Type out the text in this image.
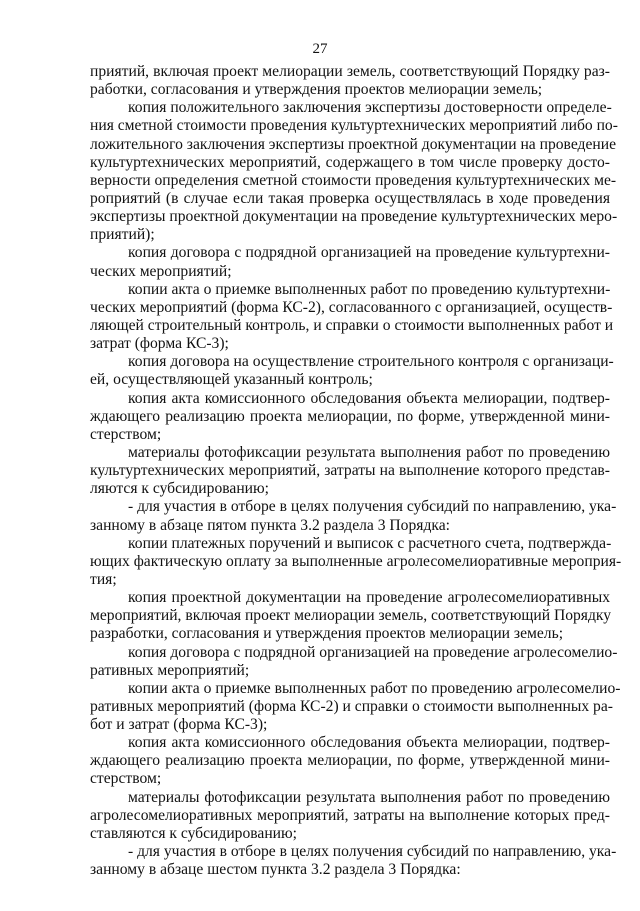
27
приятий, включая проект мелиорации земель, соответствующий Порядку раз-
работки, согласования и утверждения проектов мелиорации земель;
копия положительного заключения экспертизы достоверности определе-
ния сметной стоимости проведения культуртехнических мероприятий либо по-
ложительного заключения экспертизы проектной документации на проведение
культуртехнических мероприятий, содержащего в том числе проверку досто-
верности определения сметной стоимости проведения культуртехнических ме-
роприятий (в случае если такая проверка осуществлялась в ходе проведения
экспертизы проектной документации на проведение культуртехнических меро-
приятий);
копия договора с подрядной организацией на проведение культуртехни-
ческих мероприятий;
копии акта о приемке выполненных работ по проведению культуртехни-
ческих мероприятий (форма КС-2), согласованного с организацией, осуществ-
ляющей строительный контроль, и справки о стоимости выполненных работ и
затрат (форма КС-3);
копия договора на осуществление строительного контроля с организаци-
ей, осуществляющей указанный контроль;
копия акта комиссионного обследования объекта мелиорации, подтвер-
ждающего реализацию проекта мелиорации, по форме, утвержденной мини-
стерством;
материалы фотофиксации результата выполнения работ по проведению
культуртехнических мероприятий, затраты на выполнение которого представ-
ляются к субсидированию;
- для участия в отборе в целях получения субсидий по направлению, ука-
занному в абзаце пятом пункта 3.2 раздела 3 Порядка:
копии платежных поручений и выписок с расчетного счета, подтвержда-
ющих фактическую оплату за выполненные агролесомелиоративные мероприя-
тия;
копия проектной документации на проведение агролесомелиоративных
мероприятий, включая проект мелиорации земель, соответствующий Порядку
разработки, согласования и утверждения проектов мелиорации земель;
копия договора с подрядной организацией на проведение агролесомелио-
ративных мероприятий;
копии акта о приемке выполненных работ по проведению агролесомелио-
ративных мероприятий (форма КС-2) и справки о стоимости выполненных ра-
бот и затрат (форма КС-3);
копия акта комиссионного обследования объекта мелиорации, подтвер-
ждающего реализацию проекта мелиорации, по форме, утвержденной мини-
стерством;
материалы фотофиксации результата выполнения работ по проведению
агролесомелиоративных мероприятий, затраты на выполнение которых пред-
ставляются к субсидированию;
- для участия в отборе в целях получения субсидий по направлению, ука-
занному в абзаце шестом пункта 3.2 раздела 3 Порядка:
